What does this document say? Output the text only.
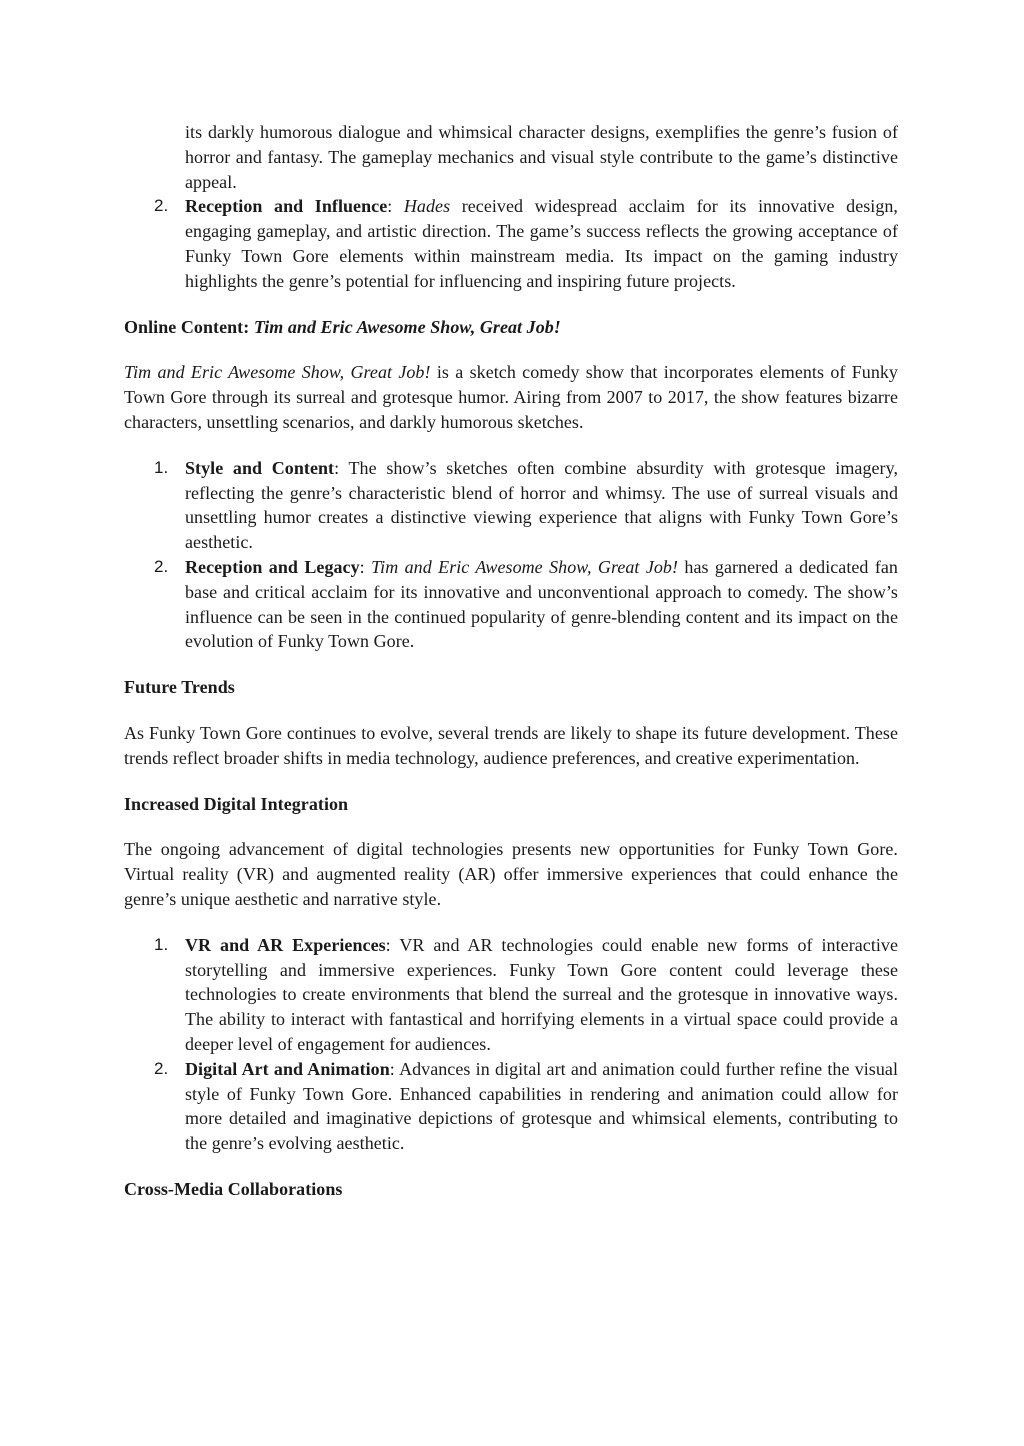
its darkly humorous dialogue and whimsical character designs, exemplifies the genre’s fusion of horror and fantasy. The gameplay mechanics and visual style contribute to the game’s distinctive appeal.
2. Reception and Influence: Hades received widespread acclaim for its innovative design, engaging gameplay, and artistic direction. The game’s success reflects the growing acceptance of Funky Town Gore elements within mainstream media. Its impact on the gaming industry highlights the genre’s potential for influencing and inspiring future projects.

Online Content: Tim and Eric Awesome Show, Great Job!

Tim and Eric Awesome Show, Great Job! is a sketch comedy show that incorporates elements of Funky Town Gore through its surreal and grotesque humor. Airing from 2007 to 2017, the show features bizarre characters, unsettling scenarios, and darkly humorous sketches.

1. Style and Content: The show’s sketches often combine absurdity with grotesque imagery, reflecting the genre’s characteristic blend of horror and whimsy. The use of surreal visuals and unsettling humor creates a distinctive viewing experience that aligns with Funky Town Gore’s aesthetic.
2. Reception and Legacy: Tim and Eric Awesome Show, Great Job! has garnered a dedicated fan base and critical acclaim for its innovative and unconventional approach to comedy. The show’s influence can be seen in the continued popularity of genre-blending content and its impact on the evolution of Funky Town Gore.

Future Trends

As Funky Town Gore continues to evolve, several trends are likely to shape its future development. These trends reflect broader shifts in media technology, audience preferences, and creative experimentation.

Increased Digital Integration

The ongoing advancement of digital technologies presents new opportunities for Funky Town Gore. Virtual reality (VR) and augmented reality (AR) offer immersive experiences that could enhance the genre’s unique aesthetic and narrative style.

1. VR and AR Experiences: VR and AR technologies could enable new forms of interactive storytelling and immersive experiences. Funky Town Gore content could leverage these technologies to create environments that blend the surreal and the grotesque in innovative ways. The ability to interact with fantastical and horrifying elements in a virtual space could provide a deeper level of engagement for audiences.
2. Digital Art and Animation: Advances in digital art and animation could further refine the visual style of Funky Town Gore. Enhanced capabilities in rendering and animation could allow for more detailed and imaginative depictions of grotesque and whimsical elements, contributing to the genre’s evolving aesthetic.

Cross-Media Collaborations
